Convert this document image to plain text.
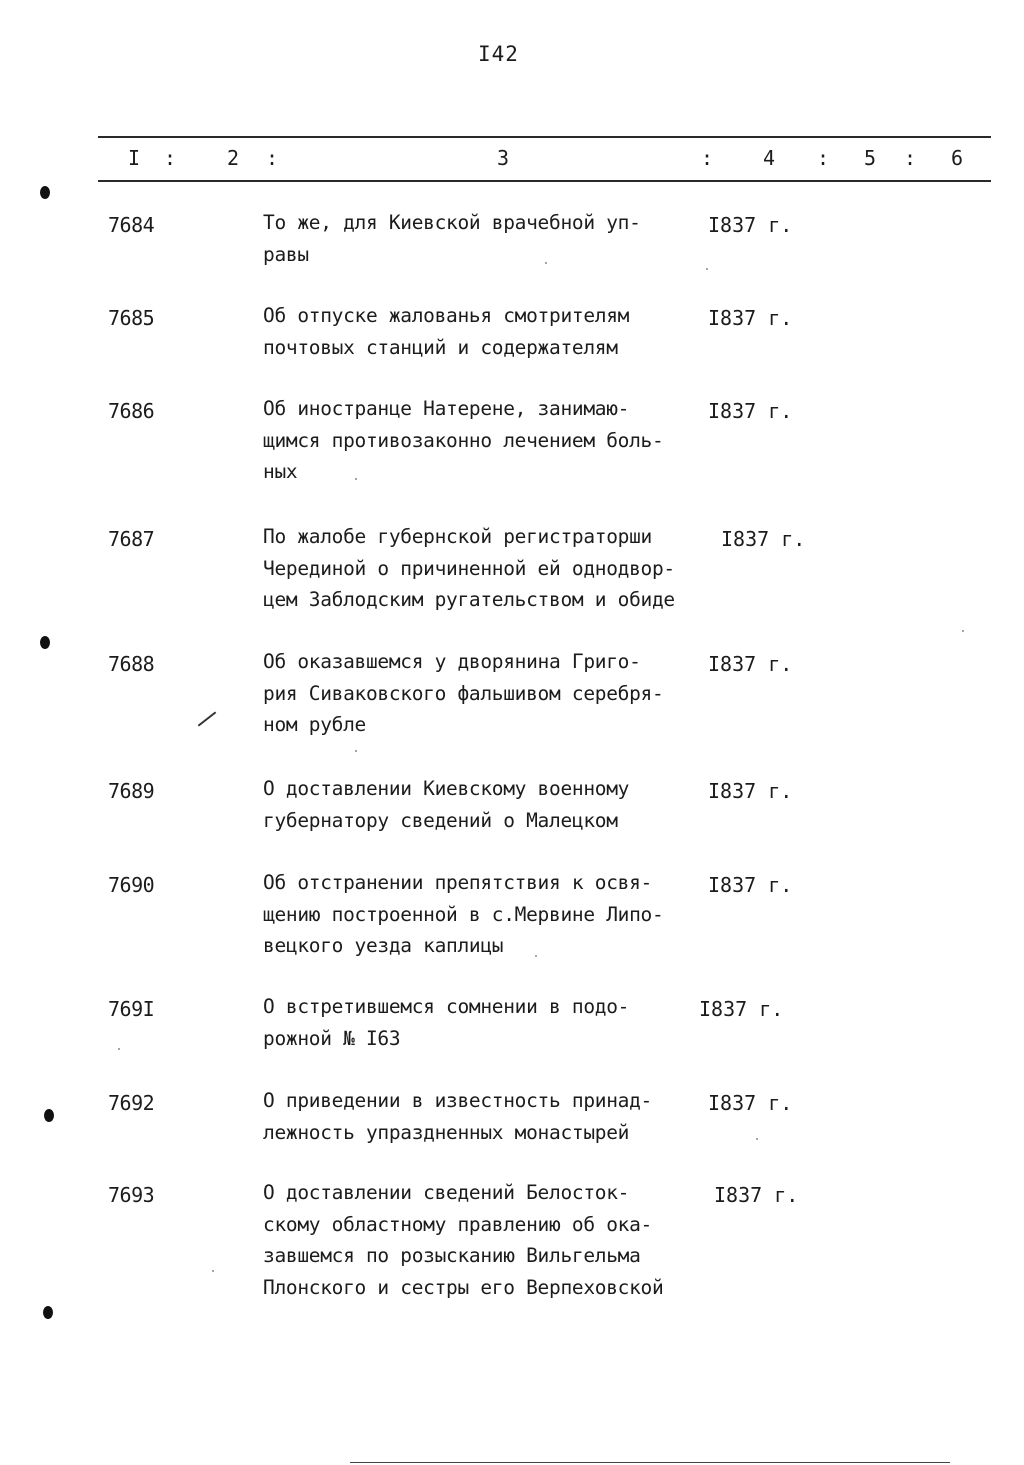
I42
I :	2 :	3	: 4 : 5 : 6
7684	То же, для Киевской врачебной уп-
равы
I837 г.
7685	Об отпуске жалованья смотрителям
почтовых станций и содержателям
I837 г.
7686	Об иностранце Натерене, занимаю-
щимся противозаконно лечением боль-
ных
I837 г.
7687	По жалобе губернской регистраторши
Черединой о причиненной ей однодвор-
цем Заблодским ругательством и обиде
I837 г.
7688	Об оказавшемся у дворянина Григо-
рия Сиваковского фальшивом серебря-
ном рубле
I837 г.
7689	О доставлении Киевскому военному
губернатору сведений о Малецком
I837 г.
7690	Об отстранении препятствия к освя-
щению построенной в с.Мервине Липо-
вецкого уезда каплицы
I837 г.
769I	О встретившемся сомнении в подо-
рожной № I63
I837 г.
7692	О приведении в известность принад-
лежность упраздненных монастырей
I837 г.
7693	О доставлении сведений Белосток-
скому областному правлению об ока-
завшемся по розысканию Вильгельма
Плонского и сестры его Верпеховской
I837 г.
